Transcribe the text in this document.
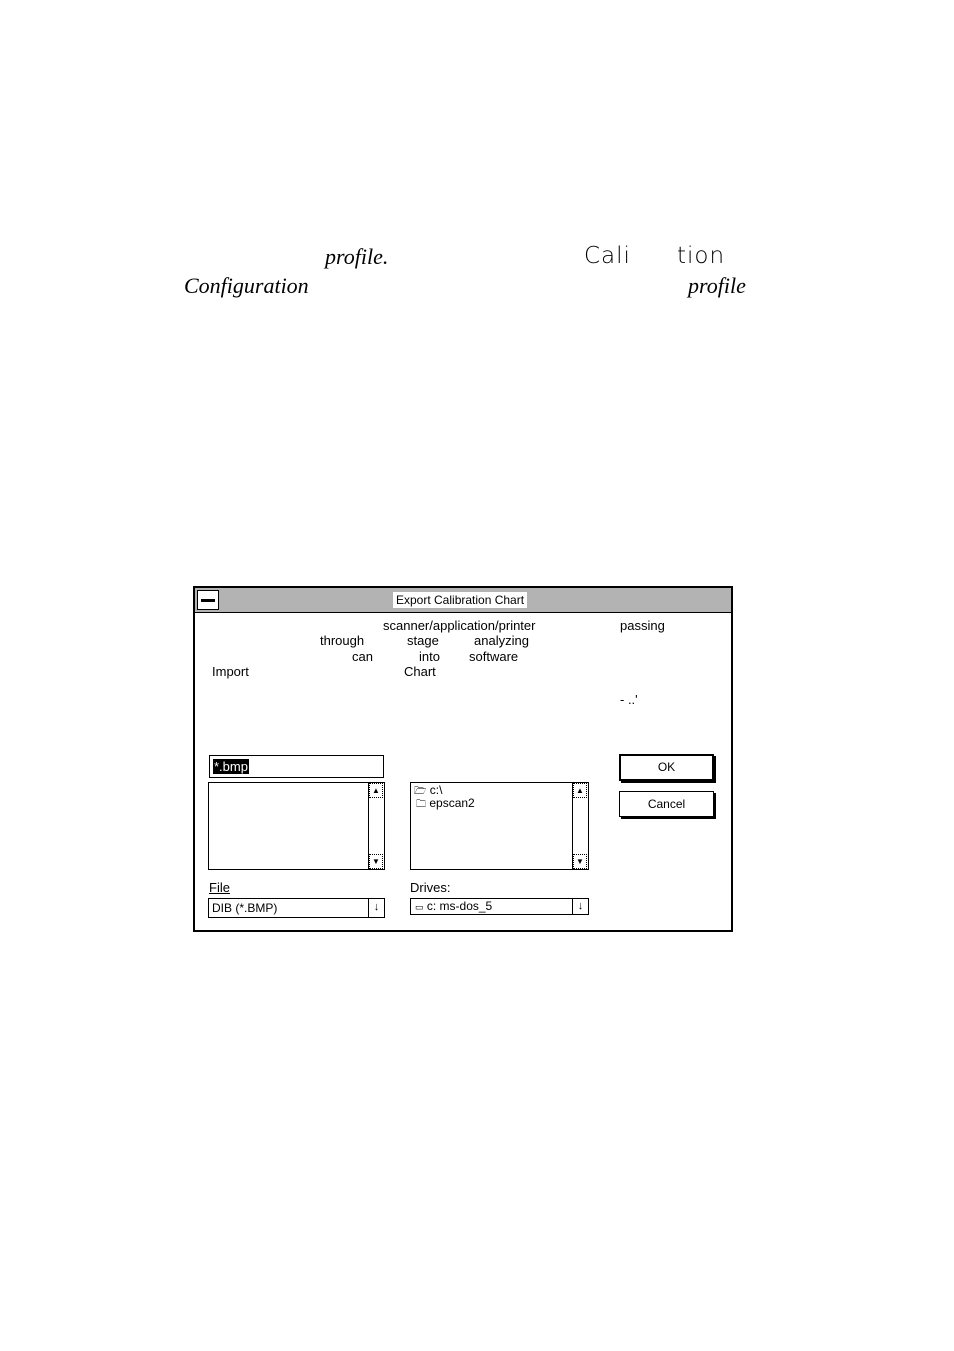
profile.	Cali tion
Configuration	profile
Export Calibration Chart
scanner/application/printer	passing
through	stage	analyzing
can	into software
Import	Chart
- ..'
*.bmp
▲
▼
🗁 c:\
🗀 epscan2
▲
▼
OK
Cancel
File
DIB (*.BMP)	↓
Drives:
▭ c: ms-dos_5	↓
